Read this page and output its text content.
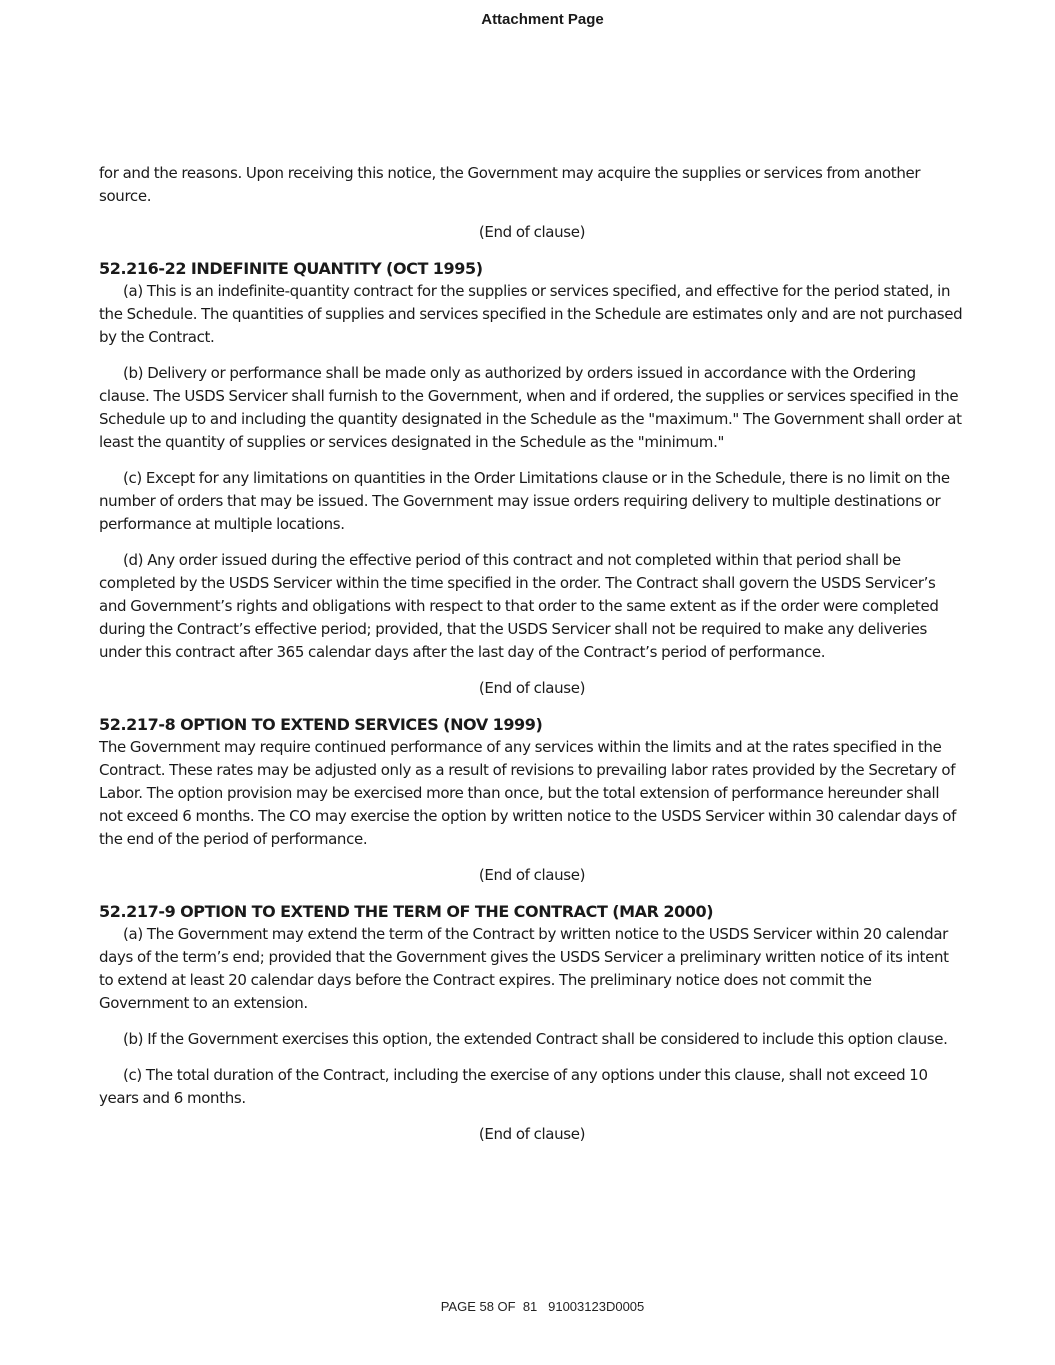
Attachment Page

for and the reasons. Upon receiving this notice, the Government may acquire the supplies or services from another source.

(End of clause)

52.216-22 INDEFINITE QUANTITY (OCT 1995)

(a) This is an indefinite-quantity contract for the supplies or services specified, and effective for the period stated, in the Schedule. The quantities of supplies and services specified in the Schedule are estimates only and are not purchased by the Contract.

(b) Delivery or performance shall be made only as authorized by orders issued in accordance with the Ordering clause. The USDS Servicer shall furnish to the Government, when and if ordered, the supplies or services specified in the Schedule up to and including the quantity designated in the Schedule as the "maximum." The Government shall order at least the quantity of supplies or services designated in the Schedule as the "minimum."

(c) Except for any limitations on quantities in the Order Limitations clause or in the Schedule, there is no limit on the number of orders that may be issued. The Government may issue orders requiring delivery to multiple destinations or performance at multiple locations.

(d) Any order issued during the effective period of this contract and not completed within that period shall be completed by the USDS Servicer within the time specified in the order. The Contract shall govern the USDS Servicer’s and Government’s rights and obligations with respect to that order to the same extent as if the order were completed during the Contract’s effective period; provided, that the USDS Servicer shall not be required to make any deliveries under this contract after 365 calendar days after the last day of the Contract’s period of performance.

(End of clause)

52.217-8 OPTION TO EXTEND SERVICES (NOV 1999)

The Government may require continued performance of any services within the limits and at the rates specified in the Contract. These rates may be adjusted only as a result of revisions to prevailing labor rates provided by the Secretary of Labor. The option provision may be exercised more than once, but the total extension of performance hereunder shall not exceed 6 months. The CO may exercise the option by written notice to the USDS Servicer within 30 calendar days of the end of the period of performance.

(End of clause)

52.217-9 OPTION TO EXTEND THE TERM OF THE CONTRACT (MAR 2000)

(a) The Government may extend the term of the Contract by written notice to the USDS Servicer within 20 calendar days of the term’s end; provided that the Government gives the USDS Servicer a preliminary written notice of its intent to extend at least 20 calendar days before the Contract expires. The preliminary notice does not commit the Government to an extension.

(b) If the Government exercises this option, the extended Contract shall be considered to include this option clause.

(c) The total duration of the Contract, including the exercise of any options under this clause, shall not exceed 10 years and 6 months.

(End of clause)

PAGE 58 OF  81   91003123D0005
